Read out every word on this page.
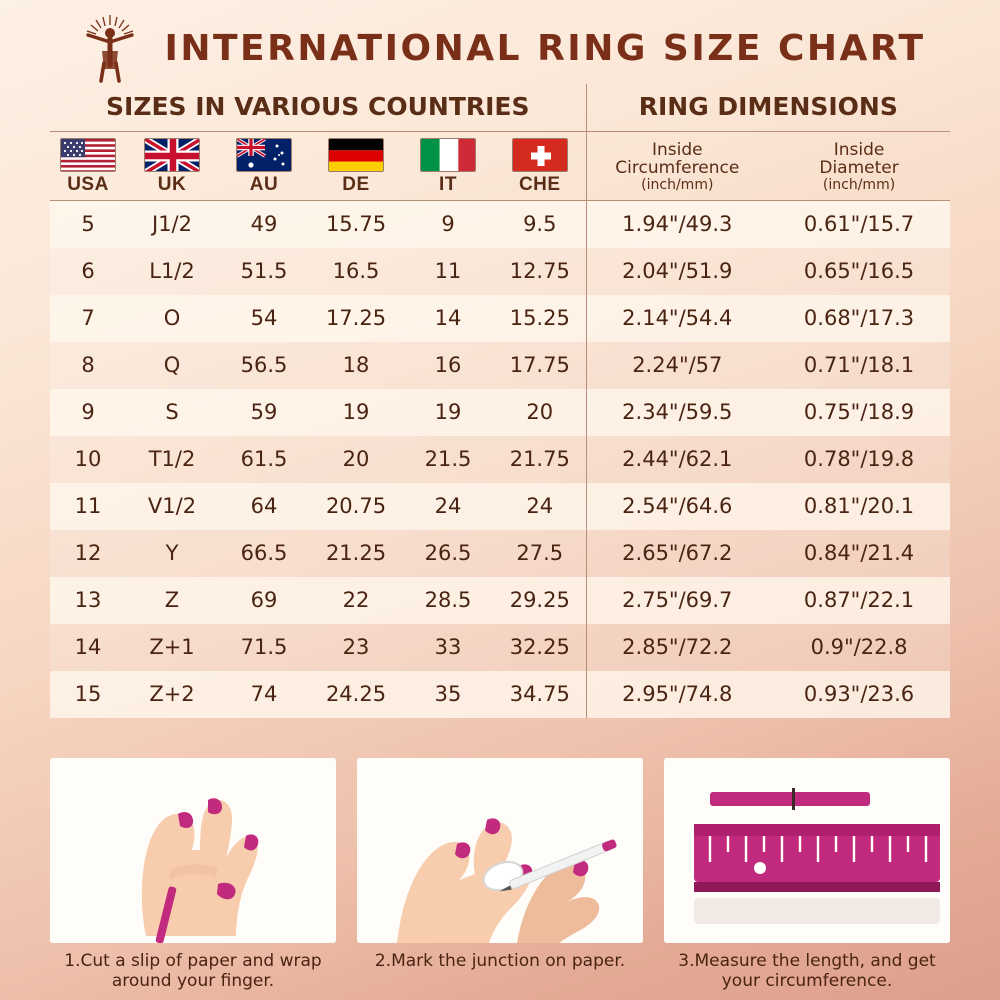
INTERNATIONAL RING SIZE CHART
SIZES IN VARIOUS COUNTRIES						RING DIMENSIONS	

USA	UK	AU	DE	IT	CHE

Inside
Circumference
(inch/mm)

Inside
Diameter
(inch/mm)

5	J1/2	49	15.75	9	9.5	1.94"/49.3	0.61"/15.7
6	L1/2	51.5	16.5	11	12.75	2.04"/51.9	0.65"/16.5
7	O	54	17.25	14	15.25	2.14"/54.4	0.68"/17.3
8	Q	56.5	18	16	17.75	2.24"/57	0.71"/18.1
9	S	59	19	19	20	2.34"/59.5	0.75"/18.9
10	T1/2	61.5	20	21.5	21.75	2.44"/62.1	0.78"/19.8
11	V1/2	64	20.75	24	24	2.54"/64.6	0.81"/20.1
12	Y	66.5	21.25	26.5	27.5	2.65"/67.2	0.84"/21.4
13	Z	69	22	28.5	29.25	2.75"/69.7	0.87"/22.1
14	Z+1	71.5	23	33	32.25	2.85"/72.2	0.9"/22.8
15	Z+2	74	24.25	35	34.75	2.95"/74.8	0.93"/23.6
1.Cut a slip of paper and wrap around your finger.
2.Mark the junction on paper.	3.Measure the length, and get your circumference.
